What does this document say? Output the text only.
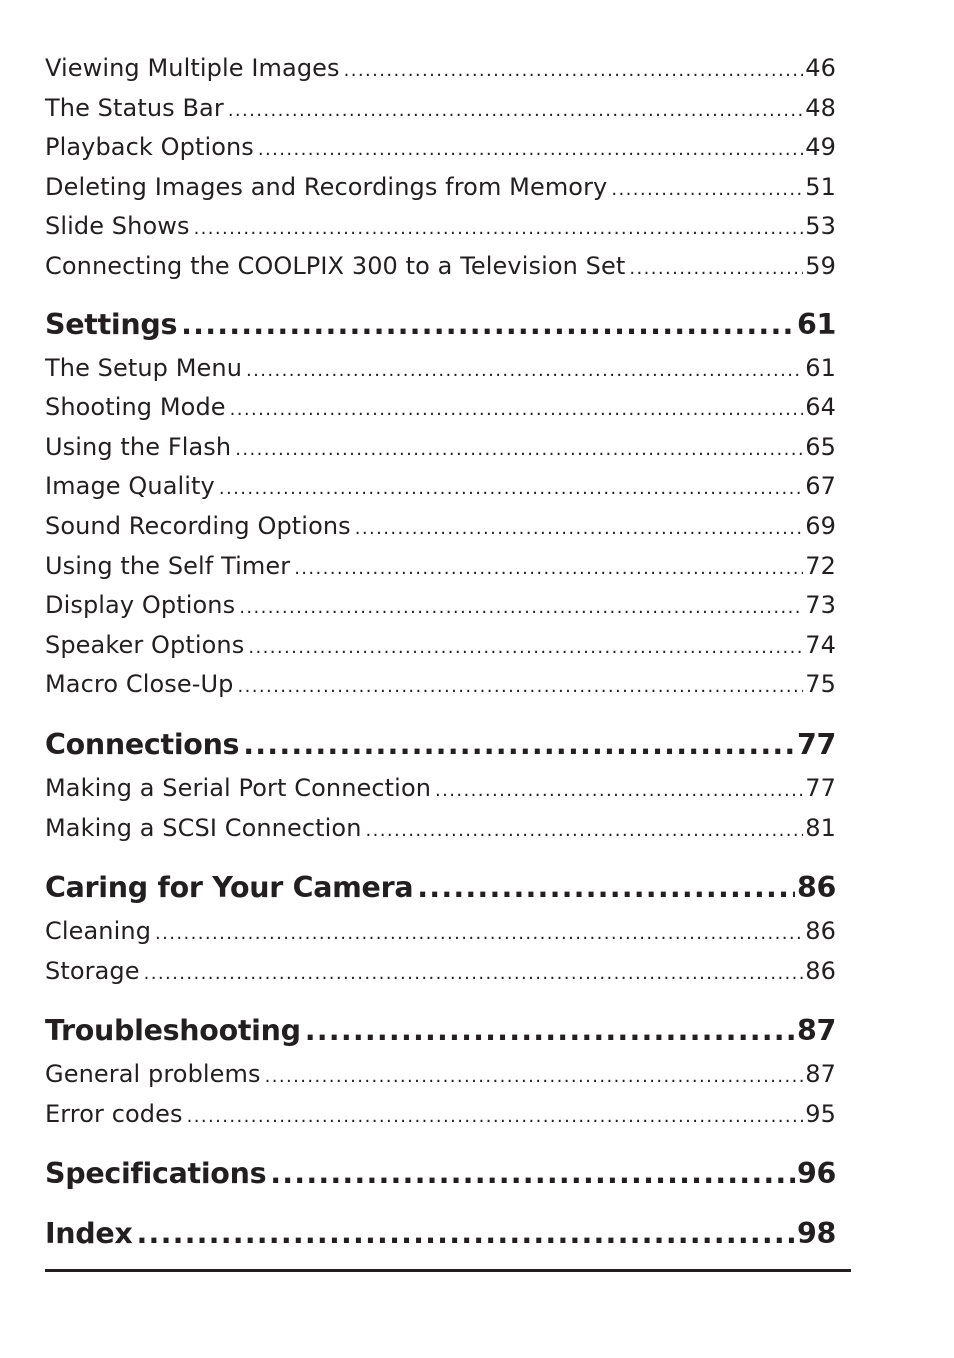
Viewing Multiple Images .....	46
The Status Bar .....	48
Playback Options .....	49
Deleting Images and Recordings from Memory .....	51
Slide Shows .....	53
Connecting the COOLPIX 300 to a Television Set .....	59
Settings .....	61
The Setup Menu .....	61
Shooting Mode .....	64
Using the Flash .....	65
Image Quality .....	67
Sound Recording Options .....	69
Using the Self Timer .....	72
Display Options .....	73
Speaker Options .....	74
Macro Close-Up .....	75
Connections .....	77
Making a Serial Port Connection .....	77
Making a SCSI Connection .....	81
Caring for Your Camera .....	86
Cleaning .....	86
Storage .....	86
Troubleshooting .....	87
General problems .....	87
Error codes .....	95
Specifications .....	96
Index .....	98
